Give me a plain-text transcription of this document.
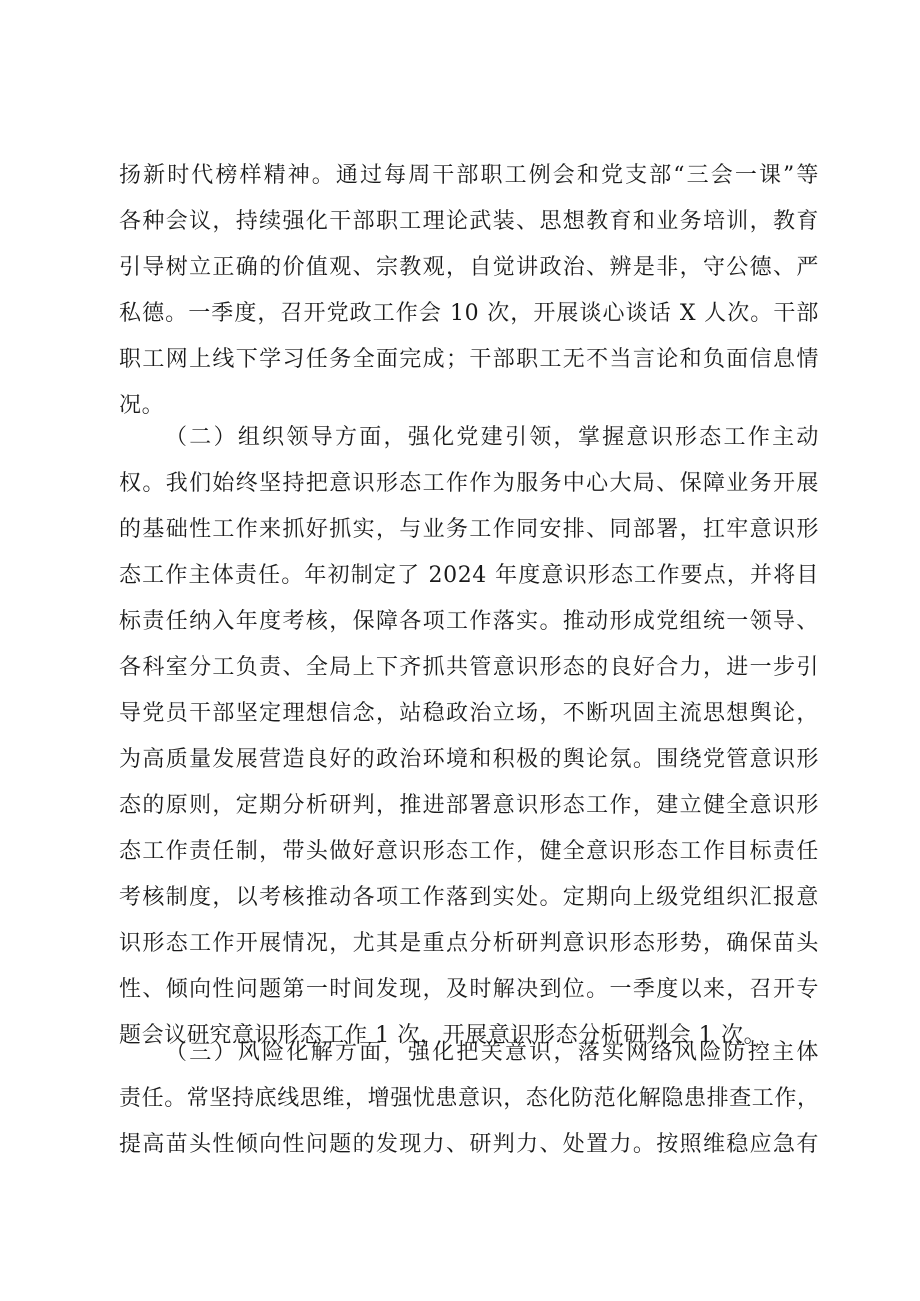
扬新时代榜样精神。通过每周干部职工例会和党支部“三会一课”等
各种会议，持续强化干部职工理论武装、思想教育和业务培训，教育
引导树立正确的价值观、宗教观，自觉讲政治、辨是非，守公德、严
私德。一季度，召开党政工作会 10 次，开展谈心谈话 X 人次。干部
职工网上线下学习任务全面完成；干部职工无不当言论和负面信息情
况。
（二）组织领导方面，强化党建引领，掌握意识形态工作主动
权。我们始终坚持把意识形态工作作为服务中心大局、保障业务开展
的基础性工作来抓好抓实，与业务工作同安排、同部署，扛牢意识形
态工作主体责任。年初制定了 2024 年度意识形态工作要点，并将目
标责任纳入年度考核，保障各项工作落实。推动形成党组统一领导、
各科室分工负责、全局上下齐抓共管意识形态的良好合力，进一步引
导党员干部坚定理想信念，站稳政治立场，不断巩固主流思想舆论，
为高质量发展营造良好的政治环境和积极的舆论氛。围绕党管意识形
态的原则，定期分析研判，推进部署意识形态工作，建立健全意识形
态工作责任制，带头做好意识形态工作，健全意识形态工作目标责任
考核制度，以考核推动各项工作落到实处。定期向上级党组织汇报意
识形态工作开展情况，尤其是重点分析研判意识形态形势，确保苗头
性、倾向性问题第一时间发现，及时解决到位。一季度以来，召开专
题会议研究意识形态工作 1 次，开展意识形态分析研判会 1 次。
（三）风险化解方面，强化把关意识，落实网络风险防控主体
责任。常坚持底线思维，增强忧患意识，态化防范化解隐患排查工作，
提高苗头性倾向性问题的发现力、研判力、处置力。按照维稳应急有
